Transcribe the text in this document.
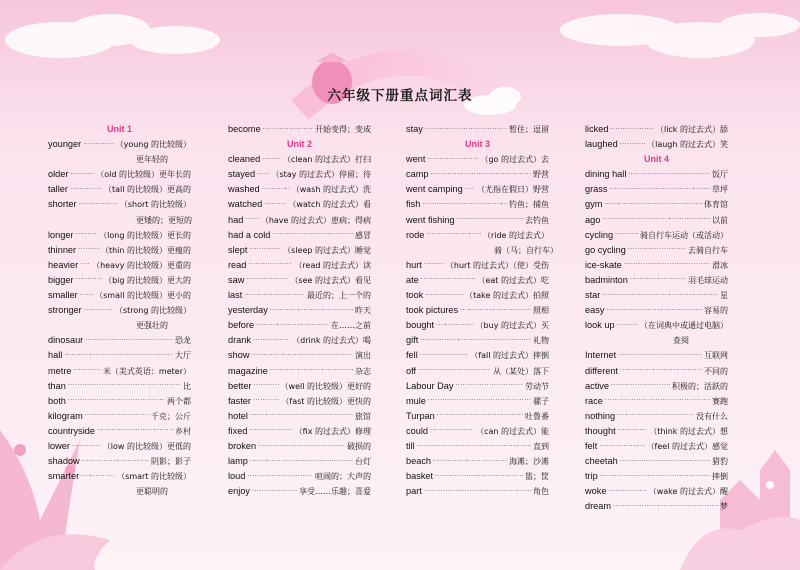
六年级下册重点词汇表
Unit 1
younger ·····	（young 的比较级）
更年轻的
older ·····	（old 的比较级）更年长的
taller ·····	（tall 的比较级）更高的
shorter ·····	（short 的比较级）
更矮的；更短的
longer ·····	（long 的比较级）更长的
thinner ·····	（thin 的比较级）更瘦的
heavier ····· （heavy 的比较级）更重的
bigger ·····	（big 的比较级）更大的
smaller ····· （small 的比较级）更小的
stronger ·····	（strong 的比较级）
更强壮的
dinosaur ·····	恐龙
hall ·····	大厅
metre ·····	米（美式英语：meter）
than ·····	比
both ·····	两个都
kilogram ·····	千克；公斤
countryside ·····	乡村
lower ·····	（low 的比较级）更低的
shadow ·····	阴影；影子
smarter ·····	（smart 的比较级）
更聪明的
become ·····	开始变得；变成
Unit 2
cleaned ·····	（clean 的过去式）打扫
stayed ····· （stay 的过去式）停留；待
washed ·····	（wash 的过去式）洗
watched ·····	（watch 的过去式）看
had ····· （have 的过去式）患病；得病
had a cold ·····	感冒
slept ·····	（sleep 的过去式）睡觉
read ·····	（read 的过去式）读
saw ·····	（see 的过去式）看见
last ·····	最近的；上一个的
yesterday ·····	昨天
before ·····	在……之前
drank ·····	（drink 的过去式）喝
show ·····	演出
magazine ·····	杂志
better ·····	（well 的比较级）更好的
faster ·····	（fast 的比较级）更快的
hotel ·····	旅馆
fixed ·····	（fix 的过去式）修理
broken ·····	破损的
lamp ·····	台灯
loud ·····	喧闹的；大声的
enjoy ·····	享受……乐趣；喜爱
stay ·····	暂住；逗留
Unit 3
went ·····	（go 的过去式）去
camp ·····	野营
went camping ····· （尤指在假日）野营
fish ·····	钓鱼；捕鱼
went fishing ·····	去钓鱼
rode ·····	（ride 的过去式）
骑（马；自行车）
hurt ·····	（hurt 的过去式）（使）受伤
ate ·····	（eat 的过去式）吃
took ·····	（take 的过去式）拍照
took pictures ·····	照相
bought ·····	（buy 的过去式）买
gift ·····	礼物
fell ·····	（fall 的过去式）摔倒
off ·····	从（某处）落下
Labour Day ·····	劳动节
mule ·····	骡子
Turpan ·····	吐鲁番
could ·····	（can 的过去式）能
till ·····	直到
beach ·····	海滩；沙滩
basket ·····	篮；筐
part ·····	角色
licked ·····	（lick 的过去式）舔
laughed ·····	（laugh 的过去式）笑
Unit 4
dining hall ·····	饭厅
grass ·····	草坪
gym ·····	体育馆
ago ·····	以前
cycling ·····	骑自行车运动（或活动）
go cycling ·····	去骑自行车
ice-skate ·····	滑冰
badminton ·····	羽毛球运动
star ·····	星
easy ·····	容易的
look up ·····	（在词典中或通过电脑）
查阅
Internet ·····	互联网
different ·····	不同的
active ·····	积极的；活跃的
race ·····	赛跑
nothing ·····	没有什么
thought ·····	（think 的过去式）想
felt ·····	（feel 的过去式）感觉
cheetah ·····	猎豹
trip ·····	摔倒
woke ·····	（wake 的过去式）醒
dream ·····	梦
